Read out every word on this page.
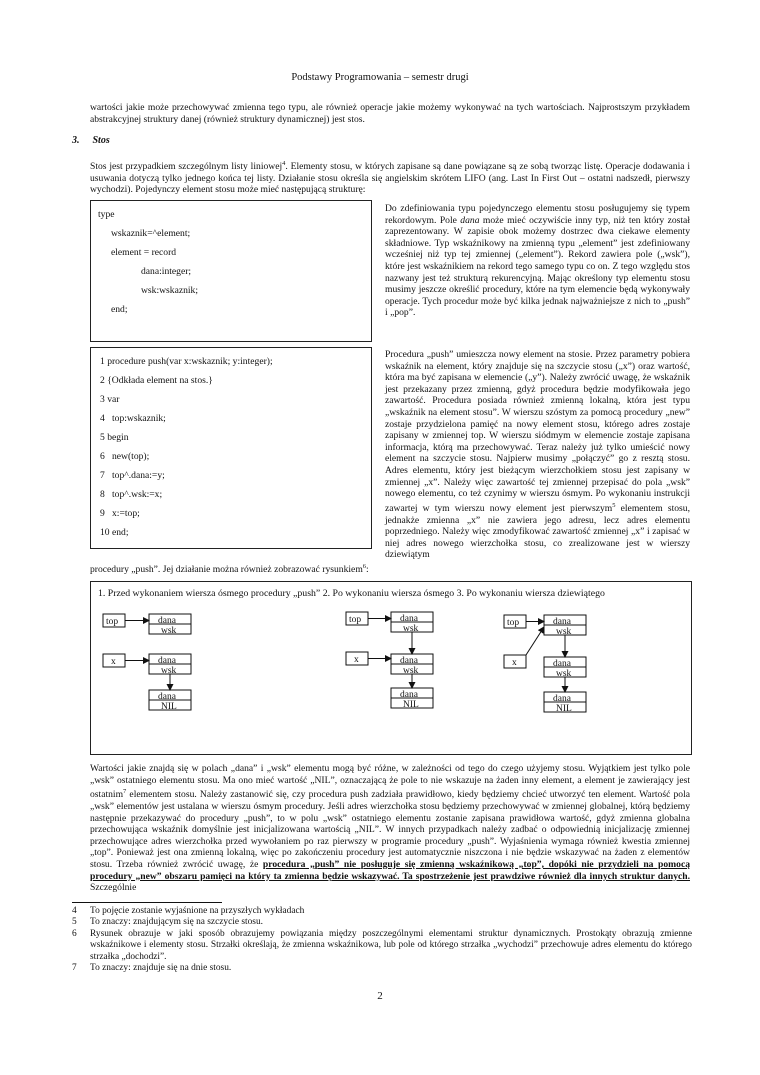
Podstawy Programowania – semestr drugi
wartości jakie może przechowywać zmienna tego typu, ale również operacje jakie możemy wykonywać na tych wartościach. Najprostszym przykładem abstrakcyjnej struktury danej (również struktury dynamicznej) jest stos.
3. Stos
Stos jest przypadkiem szczególnym listy liniowej$^4$. Elementy stosu, w których zapisane są dane powiązane są ze sobą tworząc listę. Operacje dodawania i usuwania dotyczą tylko jednego końca tej listy. Działanie stosu określa się angielskim skrótem LIFO (ang. Last In First Out – ostatni nadszedł, pierwszy wychodzi). Pojedynczy element stosu może mieć następującą strukturę:
type
wskaznik=^element;
element = record
dana:integer;
wsk:wskaznik;
end;
Do zdefiniowania typu pojedynczego elementu stosu posługujemy się typem rekordowym. Pole dana może mieć oczywiście inny typ, niż ten który został zaprezentowany. W zapisie obok możemy dostrzec dwa ciekawe elementy składniowe. Typ wskaźnikowy na zmienną typu „element” jest zdefiniowany wcześniej niż typ tej zmiennej („element”). Rekord zawiera pole („wsk”), które jest wskaźnikiem na rekord tego samego typu co on. Z tego względu stos nazwany jest też strukturą rekurencyjną. Mając określony typ elementu stosu musimy jeszcze określić procedury, które na tym elemencie będą wykonywały operacje. Tych procedur może być kilka jednak najważniejsze z nich to „push” i „pop”.
1 procedure push(var x:wskaznik; y:integer);
2 {Odkłada element na stos.}
3 var
4   top:wskaznik;
5 begin
6   new(top);
7   top^.dana:=y;
8   top^.wsk:=x;
9   x:=top;
10 end;
Procedura „push” umieszcza nowy element na stosie. Przez parametry pobiera wskaźnik na element, który znajduje się na szczycie stosu („x”) oraz wartość, która ma być zapisana w elemencie („y”). Należy zwrócić uwagę, że wskaźnik jest przekazany przez zmienną, gdyż procedura będzie modyfikowała jego zawartość. Procedura posiada również zmienną lokalną, która jest typu „wskaźnik na element stosu”. W wierszu szóstym za pomocą procedury „new” zostaje przydzielona pamięć na nowy element stosu, którego adres zostaje zapisany w zmiennej top. W wierszu siódmym w elemencie zostaje zapisana informacja, którą ma przechowywać. Teraz należy już tylko umieścić nowy element na szczycie stosu. Najpierw musimy „połączyć” go z resztą stosu. Adres elementu, który jest bieżącym wierzchołkiem stosu jest zapisany w zmiennej „x”. Należy więc zawartość tej zmiennej przepisać do pola „wsk” nowego elementu, co też czynimy w wierszu ósmym. Po wykonaniu instrukcji zawartej w tym wierszu nowy element jest pierwszym$^5$ elementem stosu, jednakże zmienna „x” nie zawiera jego adresu, lecz adres elementu poprzedniego. Należy więc zmodyfikować zawartość zmiennej „x” i zapisać w niej adres nowego wierzchołka stosu, co zrealizowane jest w wierszy dziewiątym
procedury „push”. Jej działanie można również zobrazować rysunkiem$^6$:
1. Przed wykonaniem wiersza ósmego procedury „push” 2. Po wykonaniu wiersza ósmego 3. Po wykonaniu wiersza dziewiątego
top	dana
wsk
x	dana
wsk
dana
NIL
top	dana
wsk
x	dana
wsk
dana
NIL
top	dana
wsk
x	dana
wsk
dana
NIL
Wartości jakie znajdą się w polach „dana” i „wsk” elementu mogą być różne, w zależności od tego do czego użyjemy stosu. Wyjątkiem jest tylko pole „wsk” ostatniego elementu stosu. Ma ono mieć wartość „NIL”, oznaczającą że pole to nie wskazuje na żaden inny element, a element je zawierający jest ostatnim$^7$ elementem stosu. Należy zastanowić się, czy procedura push zadziała prawidłowo, kiedy będziemy chcieć utworzyć ten element. Wartość pola „wsk” elementów jest ustalana w wierszu ósmym procedury. Jeśli adres wierzchołka stosu będziemy przechowywać w zmiennej globalnej, którą będziemy następnie przekazywać do procedury „push”, to w polu „wsk” ostatniego elementu zostanie zapisana prawidłowa wartość, gdyż zmienna globalna przechowująca wskaźnik domyślnie jest inicjalizowana wartością „NIL”. W innych przypadkach należy zadbać o odpowiednią inicjalizację zmiennej przechowujące adres wierzchołka przed wywołaniem po raz pierwszy w programie procedury „push”. Wyjaśnienia wymaga również kwestia zmiennej „top”. Ponieważ jest ona zmienną lokalną, więc po zakończeniu procedury jest automatycznie niszczona i nie będzie wskazywać na żaden z elementów stosu. Trzeba również zwrócić uwagę, że procedura „push” nie posługuje się zmienną wskaźnikową „top”, dopóki nie przydzieli na pomocą procedury „new” obszaru pamięci na który ta zmienna będzie wskazywać. Ta spostrzeżenie jest prawdziwe również dla innych struktur danych. Szczególnie
4	To pojęcie zostanie wyjaśnione na przyszłych wykładach
5	To znaczy: znajdującym się na szczycie stosu.
6	Rysunek obrazuje w jaki sposób obrazujemy powiązania między poszczególnymi elementami struktur dynamicznych. Prostokąty obrazują zmienne wskaźnikowe i elementy stosu. Strzałki określają, że zmienna wskaźnikowa, lub pole od którego strzałka „wychodzi” przechowuje adres elementu do którego strzałka „dochodzi”.
7	To znaczy: znajduje się na dnie stosu.
2
